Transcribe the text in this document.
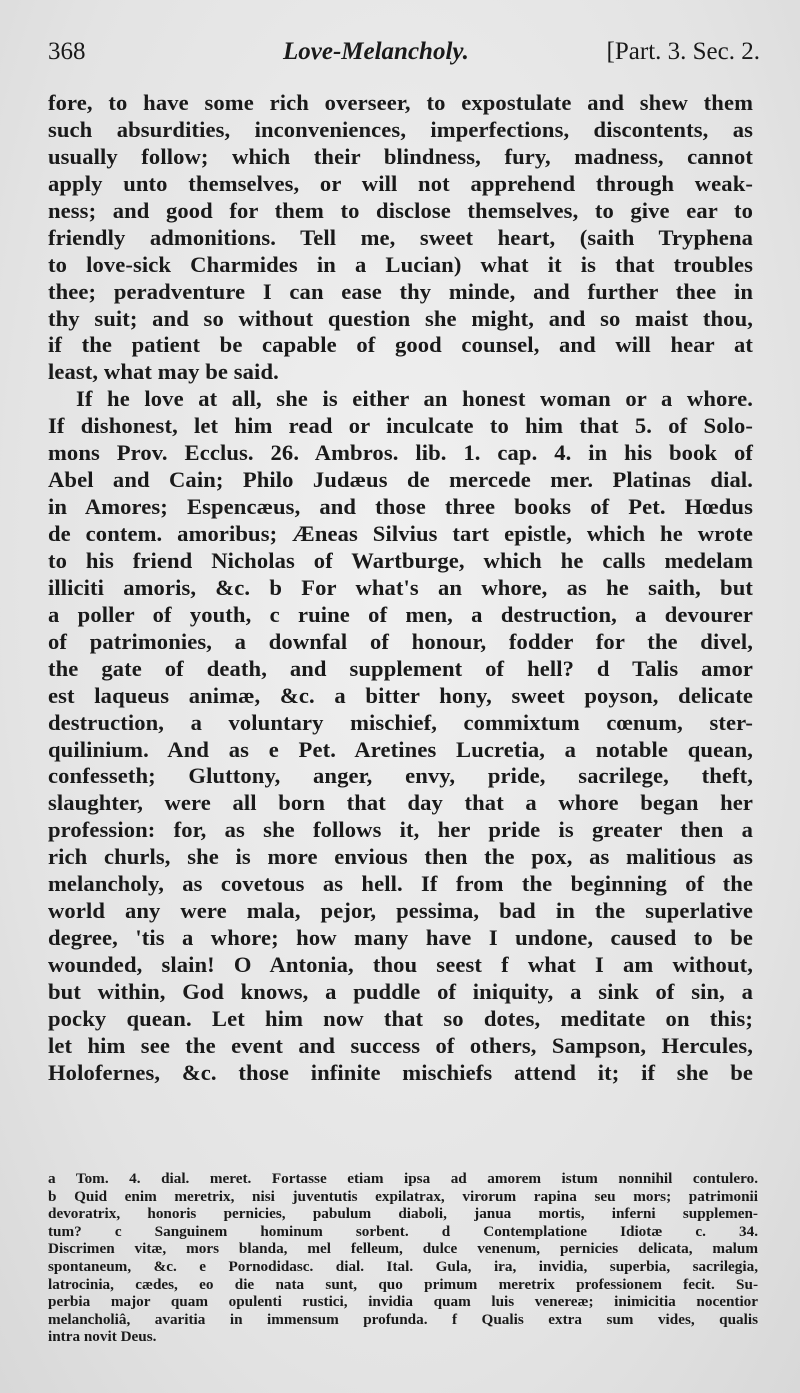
368	Love-Melancholy.	[Part. 3. Sec. 2.
fore, to have some rich overseer, to expostulate and shew them
such absurdities, inconveniences, imperfections, discontents, as
usually follow; which their blindness, fury, madness, cannot
apply unto themselves, or will not apprehend through weak-
ness; and good for them to disclose themselves, to give ear to
friendly admonitions. Tell me, sweet heart, (saith Tryphena
to love-sick Charmides in a Lucian) what it is that troubles
thee; peradventure I can ease thy minde, and further thee in
thy suit; and so without question she might, and so maist thou,
if the patient be capable of good counsel, and will hear at
least, what may be said.
If he love at all, she is either an honest woman or a whore.
If dishonest, let him read or inculcate to him that 5. of Solo-
mons Prov. Ecclus. 26. Ambros. lib. 1. cap. 4. in his book of
Abel and Cain; Philo Judæus de mercede mer. Platinas dial.
in Amores; Espencæus, and those three books of Pet. Hœdus
de contem. amoribus; Æneas Silvius tart epistle, which he wrote
to his friend Nicholas of Wartburge, which he calls medelam
illiciti amoris, &c. b For what's an whore, as he saith, but
a poller of youth, c ruine of men, a destruction, a devourer
of patrimonies, a downfal of honour, fodder for the divel,
the gate of death, and supplement of hell? d Talis amor
est laqueus animæ, &c. a bitter hony, sweet poyson, delicate
destruction, a voluntary mischief, commixtum cœnum, ster-
quilinium. And as e Pet. Aretines Lucretia, a notable quean,
confesseth; Gluttony, anger, envy, pride, sacrilege, theft,
slaughter, were all born that day that a whore began her
profession: for, as she follows it, her pride is greater then a
rich churls, she is more envious then the pox, as malitious as
melancholy, as covetous as hell. If from the beginning of the
world any were mala, pejor, pessima, bad in the superlative
degree, 'tis a whore; how many have I undone, caused to be
wounded, slain! O Antonia, thou seest f what I am without,
but within, God knows, a puddle of iniquity, a sink of sin, a
pocky quean. Let him now that so dotes, meditate on this;
let him see the event and success of others, Sampson, Hercules,
Holofernes, &c. those infinite mischiefs attend it; if she be
a Tom. 4. dial. meret. Fortasse etiam ipsa ad amorem istum nonnihil contulero.
b Quid enim meretrix, nisi juventutis expilatrax, virorum rapina seu mors; patrimonii
devoratrix, honoris pernicies, pabulum diaboli, janua mortis, inferni supplemen-
tum? c Sanguinem hominum sorbent. d Contemplatione Idiotæ c. 34.
Discrimen vitæ, mors blanda, mel felleum, dulce venenum, pernicies delicata, malum
spontaneum, &c. e Pornodidasc. dial. Ital. Gula, ira, invidia, superbia, sacrilegia,
latrocinia, cædes, eo die nata sunt, quo primum meretrix professionem fecit. Su-
perbia major quam opulenti rustici, invidia quam luis venereæ; inimicitia nocentior
melancholiâ, avaritia in immensum profunda. f Qualis extra sum vides, qualis
intra novit Deus.
